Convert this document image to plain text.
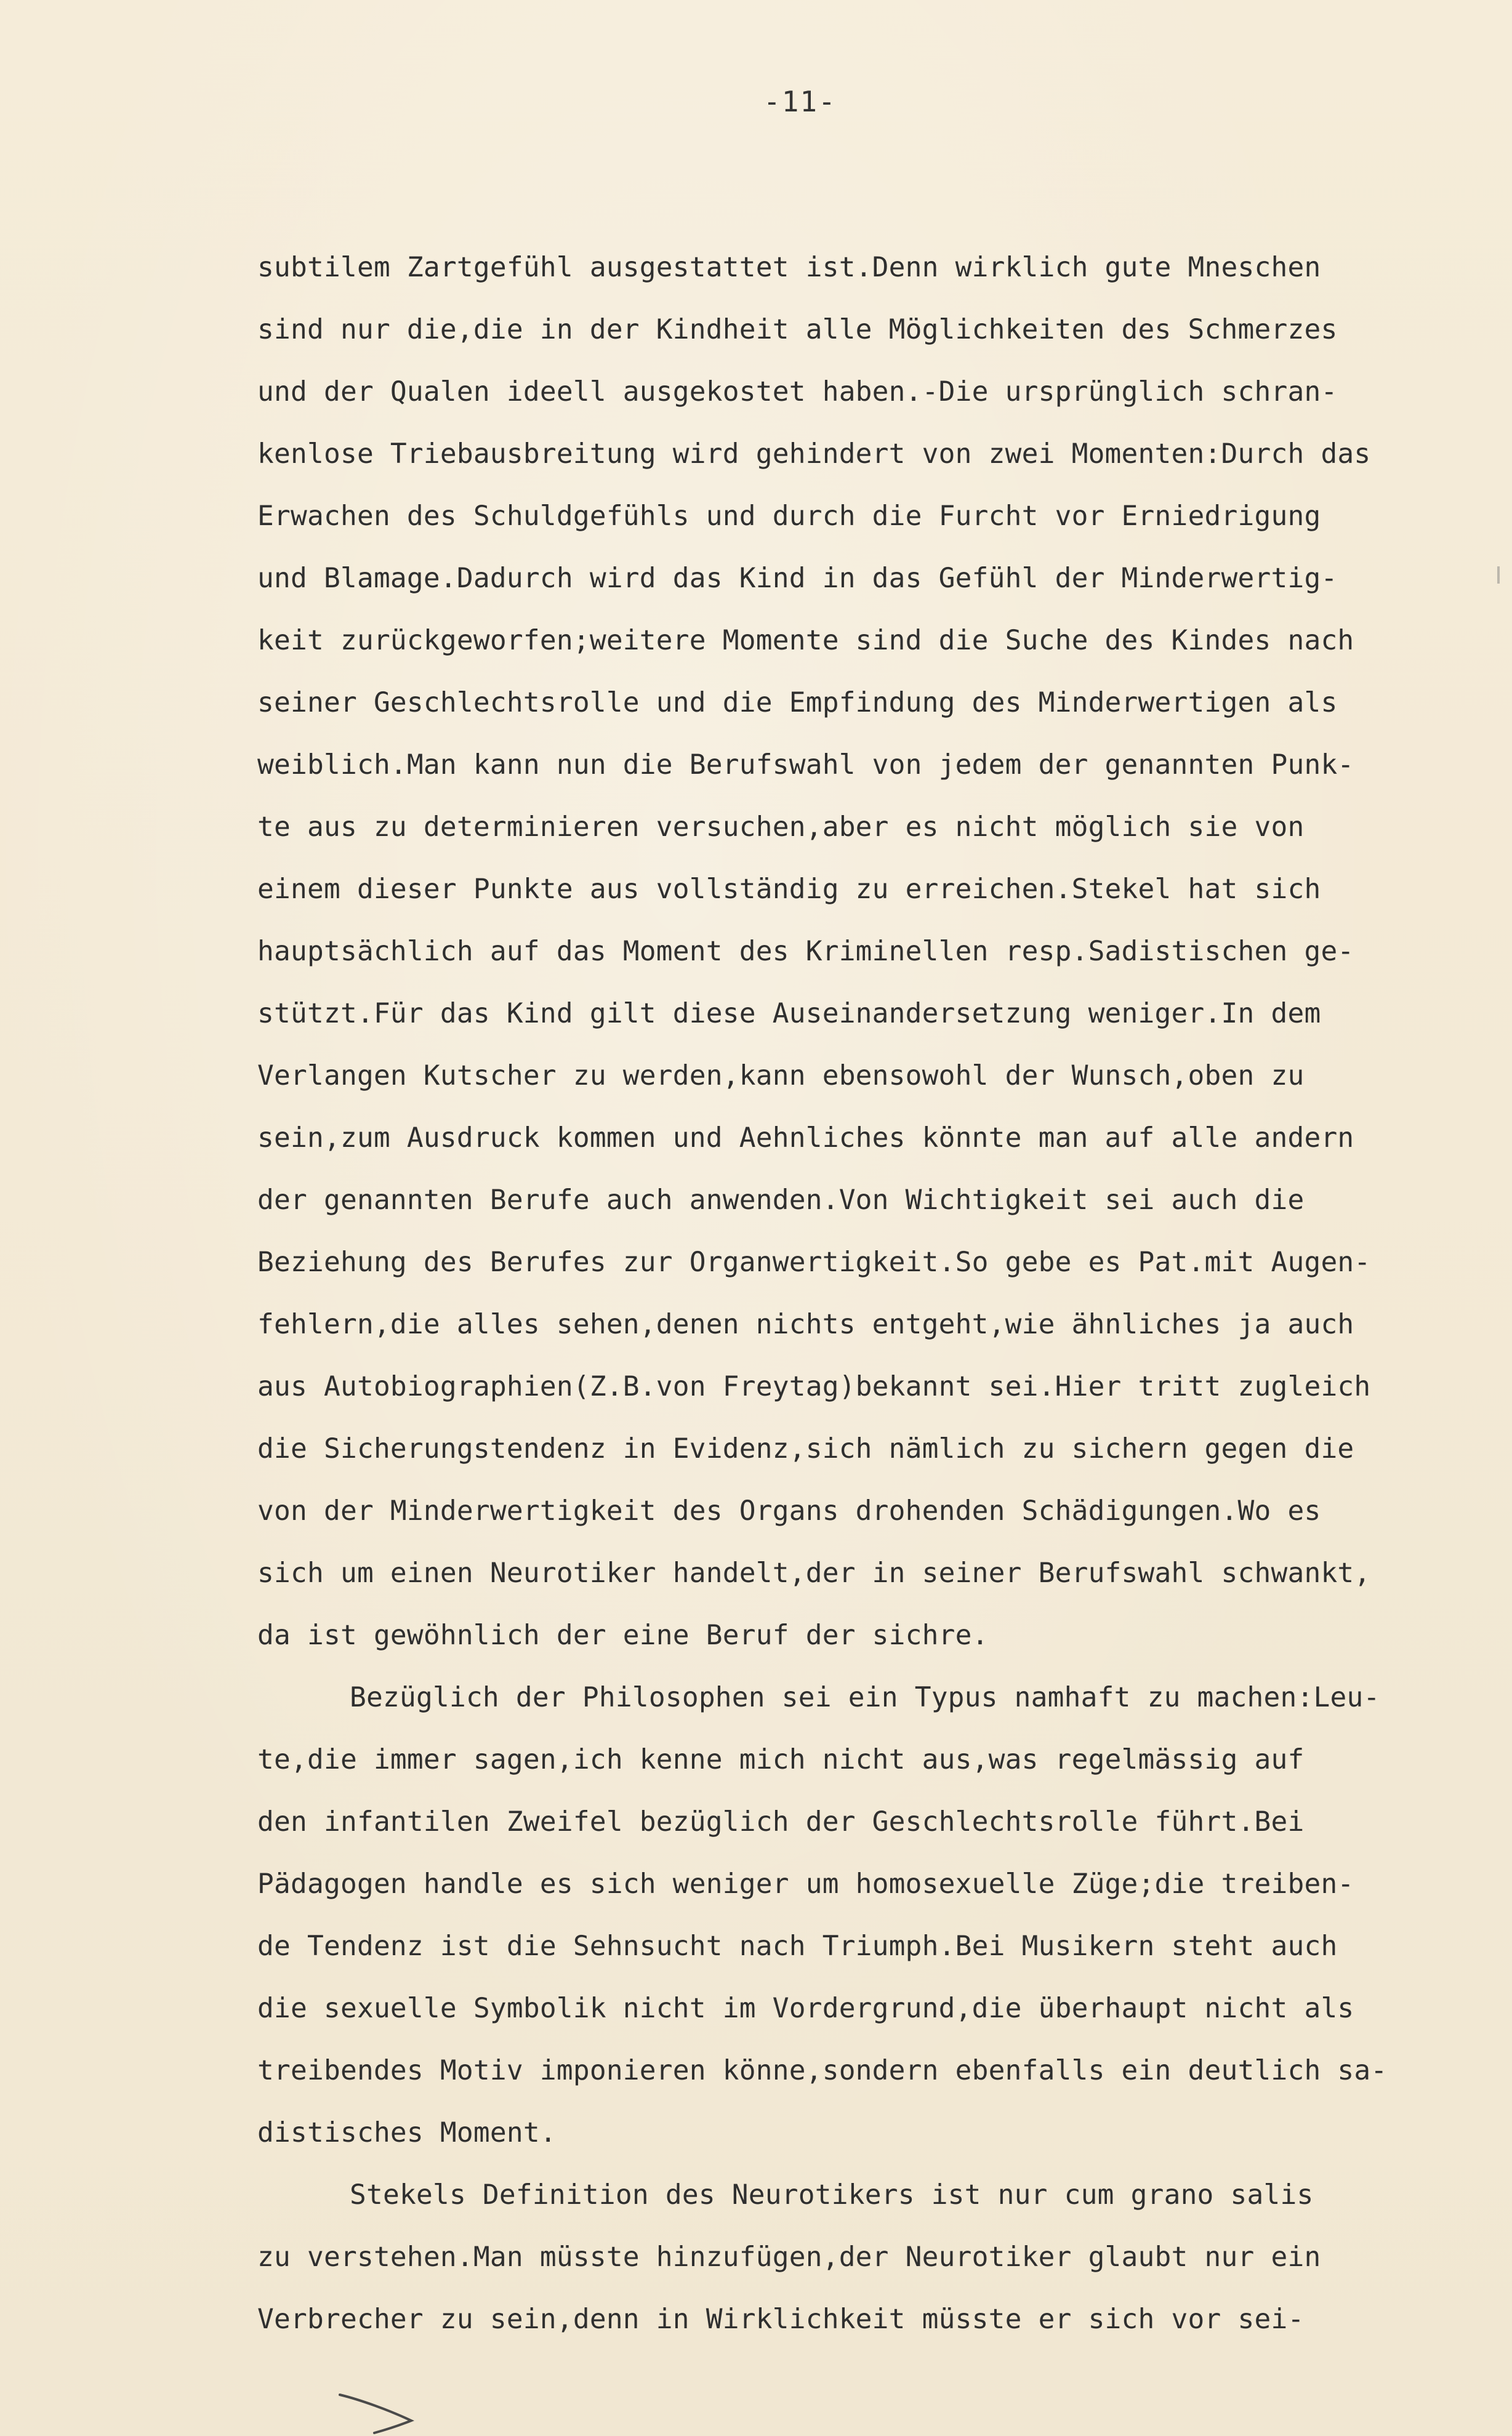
-11-
subtilem Zartgefühl ausgestattet ist.Denn wirklich gute Mneschen
sind nur die,die in der Kindheit alle Möglichkeiten des Schmerzes
und der Qualen ideell ausgekostet haben.-Die ursprünglich schran-
kenlose Triebausbreitung wird gehindert von zwei Momenten:Durch das
Erwachen des Schuldgefühls und durch die Furcht vor Erniedrigung
und Blamage.Dadurch wird das Kind in das Gefühl der Minderwertig-
keit zurückgeworfen;weitere Momente sind die Suche des Kindes nach
seiner Geschlechtsrolle und die Empfindung des Minderwertigen als
weiblich.Man kann nun die Berufswahl von jedem der genannten Punk-
te aus zu determinieren versuchen,aber es nicht möglich sie von
einem dieser Punkte aus vollständig zu erreichen.Stekel hat sich
hauptsächlich auf das Moment des Kriminellen resp.Sadistischen ge-
stützt.Für das Kind gilt diese Auseinandersetzung weniger.In dem
Verlangen Kutscher zu werden,kann ebensowohl der Wunsch,oben zu
sein,zum Ausdruck kommen und Aehnliches könnte man auf alle andern
der genannten Berufe auch anwenden.Von Wichtigkeit sei auch die
Beziehung des Berufes zur Organwertigkeit.So gebe es Pat.mit Augen-
fehlern,die alles sehen,denen nichts entgeht,wie ähnliches ja auch
aus Autobiographien(Z.B.von Freytag)bekannt sei.Hier tritt zugleich
die Sicherungstendenz in Evidenz,sich nämlich zu sichern gegen die
von der Minderwertigkeit des Organs drohenden Schädigungen.Wo es
sich um einen Neurotiker handelt,der in seiner Berufswahl schwankt,
da ist gewöhnlich der eine Beruf der sichre.
Bezüglich der Philosophen sei ein Typus namhaft zu machen:Leu-
te,die immer sagen,ich kenne mich nicht aus,was regelmässig auf
den infantilen Zweifel bezüglich der Geschlechtsrolle führt.Bei
Pädagogen handle es sich weniger um homosexuelle Züge;die treiben-
de Tendenz ist die Sehnsucht nach Triumph.Bei Musikern steht auch
die sexuelle Symbolik nicht im Vordergrund,die überhaupt nicht als
treibendes Motiv imponieren könne,sondern ebenfalls ein deutlich sa-
distisches Moment.
Stekels Definition des Neurotikers ist nur cum grano salis
zu verstehen.Man müsste hinzufügen,der Neurotiker glaubt nur ein
Verbrecher zu sein,denn in Wirklichkeit müsste er sich vor sei-
